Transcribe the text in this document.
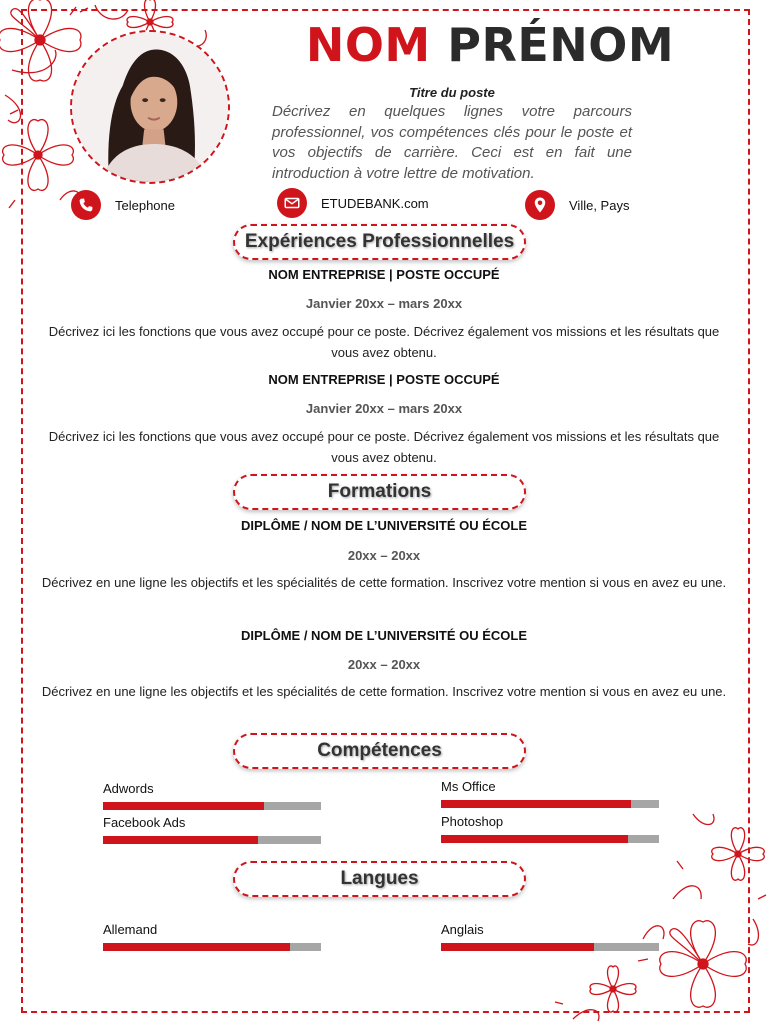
NOM PRÉNOM
Titre du poste
Décrivez en quelques lignes votre parcours professionnel, vos compétences clés pour le poste et vos objectifs de carrière. Ceci est en fait une introduction à votre lettre de motivation.
Telephone	ETUDEBANK.com	Ville, Pays
Expériences Professionnelles
NOM ENTREPRISE | POSTE OCCUPÉ
Janvier 20xx – mars 20xx
Décrivez ici les fonctions que vous avez occupé pour ce poste. Décrivez également vos missions et les résultats que vous avez obtenu.
NOM ENTREPRISE | POSTE OCCUPÉ
Janvier 20xx – mars 20xx
Décrivez ici les fonctions que vous avez occupé pour ce poste. Décrivez également vos missions et les résultats que vous avez obtenu.
Formations
DIPLÔME / NOM DE L’UNIVERSITÉ OU ÉCOLE
20xx – 20xx
Décrivez en une ligne les objectifs et les spécialités de cette formation. Inscrivez votre mention si vous en avez eu une.
DIPLÔME / NOM DE L’UNIVERSITÉ OU ÉCOLE
20xx – 20xx
Décrivez en une ligne les objectifs et les spécialités de cette formation. Inscrivez votre mention si vous en avez eu une.
Compétences
Adwords	Ms Office
Facebook Ads	Photoshop
Langues
Allemand	Anglais
